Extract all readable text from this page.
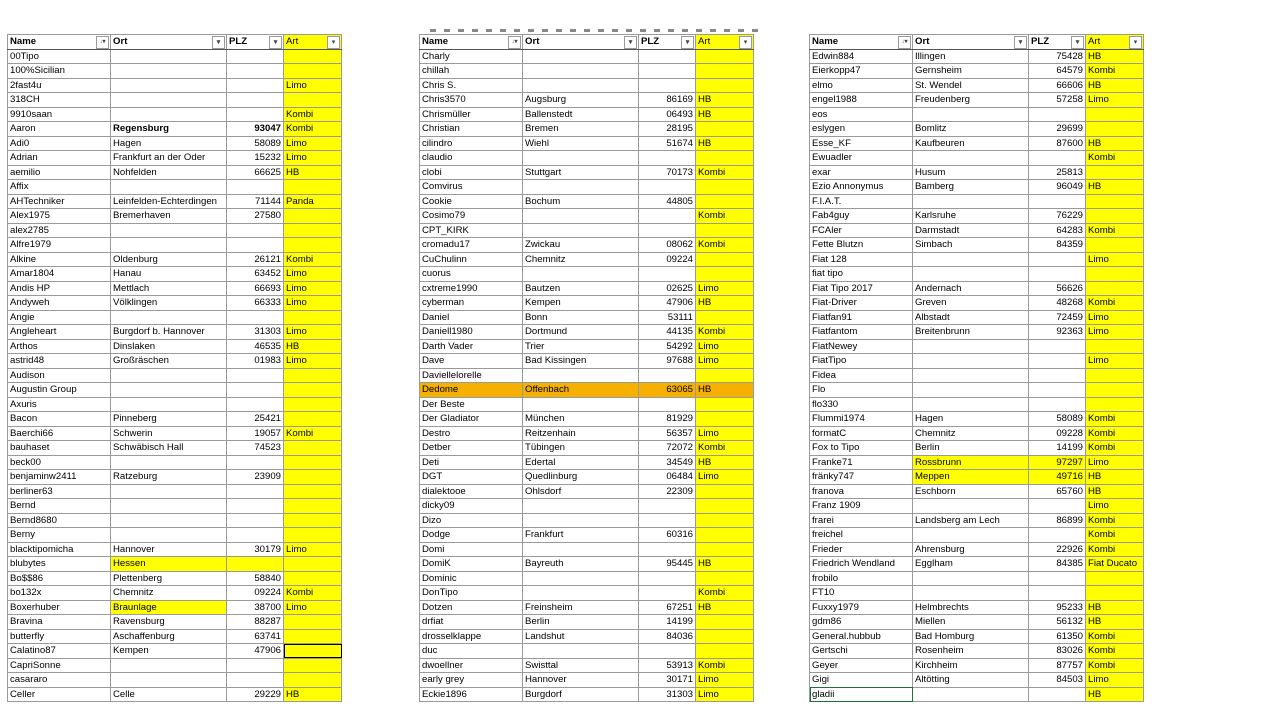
Name ↓▾	Ort ▾	PLZ ▾	Art ▾

00Tipo			
100%Sicilian			
2fast4u			Limo
318CH			
9910saan			Kombi
Aaron	Regensburg	93047	Kombi
Adi0	Hagen	58089	Limo
Adrian	Frankfurt an der Oder	15232	Limo
aemilio	Nohfelden	66625	HB
Affix			
AHTechniker	Leinfelden-Echterdingen	71144	Panda
Alex1975	Bremerhaven	27580	
alex2785			
Alfre1979			
Alkine	Oldenburg	26121	Kombi
Amar1804	Hanau	63452	Limo
Andis HP	Mettlach	66693	Limo
Andyweh	Völklingen	66333	Limo
Angie			
Angleheart	Burgdorf b. Hannover	31303	Limo
Arthos	Dinslaken	46535	HB
astrid48	Großräschen	01983	Limo
Audison			
Augustin Group			
Axuris			
Bacon	Pinneberg	25421	
Baerchi66	Schwerin	19057	Kombi
bauhaset	Schwäbisch Hall	74523	
beck00			
benjaminw2411	Ratzeburg	23909	
berliner63			
Bernd			
Bernd8680			
Berny			
blacktipomicha	Hannover	30179	Limo
blubytes	Hessen		
Bo$$86	Plettenberg	58840	
bo132x	Chemnitz	09224	Kombi
Boxerhuber	Braunlage	38700	Limo
Bravina	Ravensburg	88287	
butterfly	Aschaffenburg	63741	
Calatino87	Kempen	47906	
CapriSonne			
casararo			
Celler	Celle	29229	HB
Name ↓▾	Ort ▾	PLZ ▾	Art ▾

Charly			
chillah			
Chris S.			
Chris3570	Augsburg	86169	HB
Chrismüller	Ballenstedt	06493	HB
Christian	Bremen	28195	
cilindro	Wiehl	51674	HB
claudio			
clobi	Stuttgart	70173	Kombi
Comvirus			
Cookie	Bochum	44805	
Cosimo79			Kombi
CPT_KIRK			
cromadu17	Zwickau	08062	Kombi
CuChulinn	Chemnitz	09224	
cuorus			
cxtreme1990	Bautzen	02625	Limo
cyberman	Kempen	47906	HB
Daniel	Bonn	53111	
Daniell1980	Dortmund	44135	Kombi
Darth Vader	Trier	54292	Limo
Dave	Bad Kissingen	97688	Limo
Daviellelorelle			
Dedome	Offenbach	63065	HB
Der Beste			
Der Gladiator	München	81929	
Destro	Reitzenhain	56357	Limo
Detber	Tübingen	72072	Kombi
Deti	Edertal	34549	HB
DGT	Quedlinburg	06484	Limo
dialektooe	Ohlsdorf	22309	
dicky09			
Dizo			
Dodge	Frankfurt	60316	
Domi			
DomiK	Bayreuth	95445	HB
Dominic			
DonTipo			Kombi
Dotzen	Freinsheim	67251	HB
drfiat	Berlin	14199	
drosselklappe	Landshut	84036	
duc			
dwoellner	Swisttal	53913	Kombi
early grey	Hannover	30171	Limo
Eckie1896	Burgdorf	31303	Limo
Name ↓▾	Ort ▾	PLZ ▾	Art ▾

Edwin884	Illingen	75428	HB
Eierkopp47	Gernsheim	64579	Kombi
elmo	St. Wendel	66606	HB
engel1988	Freudenberg	57258	Limo
eos			
eslygen	Bomlitz	29699	
Esse_KF	Kaufbeuren	87600	HB
Ewuadler			Kombi
exar	Husum	25813	
Ezio Annonymus	Bamberg	96049	HB
F.I.A.T.			
Fab4guy	Karlsruhe	76229	
FCAler	Darmstadt	64283	Kombi
Fette Blutzn	Simbach	84359	
Fiat 128			Limo
fiat tipo			
Fiat Tipo 2017	Andernach	56626	
Fiat-Driver	Greven	48268	Kombi
Fiatfan91	Albstadt	72459	Limo
Fiatfantom	Breitenbrunn	92363	Limo
FiatNewey			
FiatTipo			Limo
Fidea			
Flo			
flo330			
Flummi1974	Hagen	58089	Kombi
formatC	Chemnitz	09228	Kombi
Fox to Tipo	Berlin	14199	Kombi
Franke71	Rossbrunn	97297	Limo
fränky747	Meppen	49716	HB
franova	Eschborn	65760	HB
Franz 1909			Limo
frarei	Landsberg am Lech	86899	Kombi
freichel			Kombi
Frieder	Ahrensburg	22926	Kombi
Friedrich Wendland	Egglham	84385	Fiat Ducato
frobilo			
FT10			
Fuxxy1979	Helmbrechts	95233	HB
gdm86	Miellen	56132	HB
General.hubbub	Bad Homburg	61350	Kombi
Gertschi	Rosenheim	83026	Kombi
Geyer	Kirchheim	87757	Kombi
Gigi	Altötting	84503	Limo
gladii			HB
